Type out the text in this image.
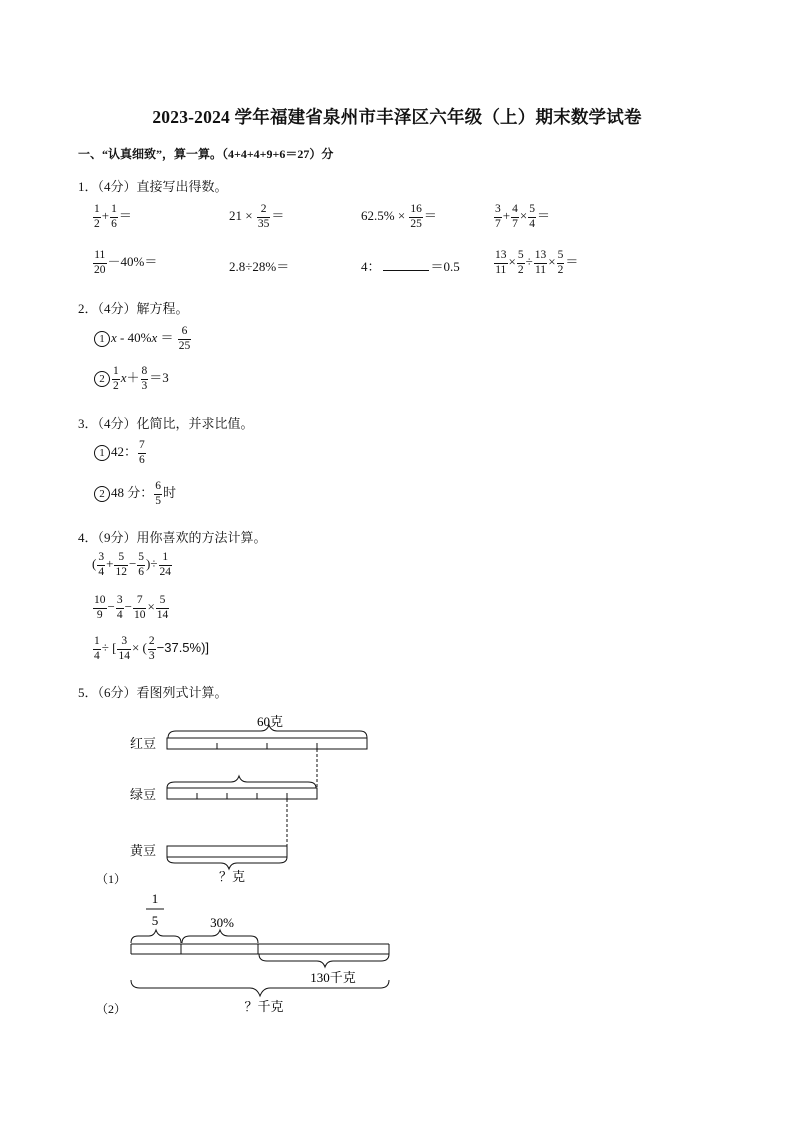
2023-2024 学年福建省泉州市丰泽区六年级（上）期末数学试卷
一、“认真细致”，算一算。（4+4+4+9+6＝27）分
1．（4分）直接写出得数。
$\frac{1}{2} + \frac{1}{6}$ ＝	$21 \times \frac{2}{35}$ ＝	$62.5\% \times \frac{16}{25}$ ＝	$\frac{3}{7} + \frac{4}{7} \times \frac{5}{4}$ ＝
$\frac{11}{20} -40\%=$	2.8÷28%＝	4：	＝0.5	$\frac{13}{11} \times \frac{5}{2} \div \frac{13}{11} \times \frac{5}{2}$ ＝
2．（4分）解方程。
1 $x - 40\%x = \frac{6}{25}$
$2 \frac{1}{2} x+ \frac{8}{3} =3$
3．（4分）化简比，并求比值。
1 42： $\frac{7}{6}$
2 48 分： $\frac{6}{5}$ 时
4．（9分）用你喜欢的方法计算。
( $\frac{3}{4} + \frac{5}{12} - \frac{5}{6}$ )÷ $\frac{1}{24}$
$\frac{10}{9} - \frac{3}{4} - \frac{7}{10} \times \frac{5}{14}$
$\frac{1}{4}$ ÷ [ $\frac{3}{14}$ × ( $\frac{2}{3} -37.5\%$)]
5．（6分）看图列式计算。
60克
红豆
绿豆
黄豆
？克
（1）
1
5	30%
130千克
？千克
（2）
